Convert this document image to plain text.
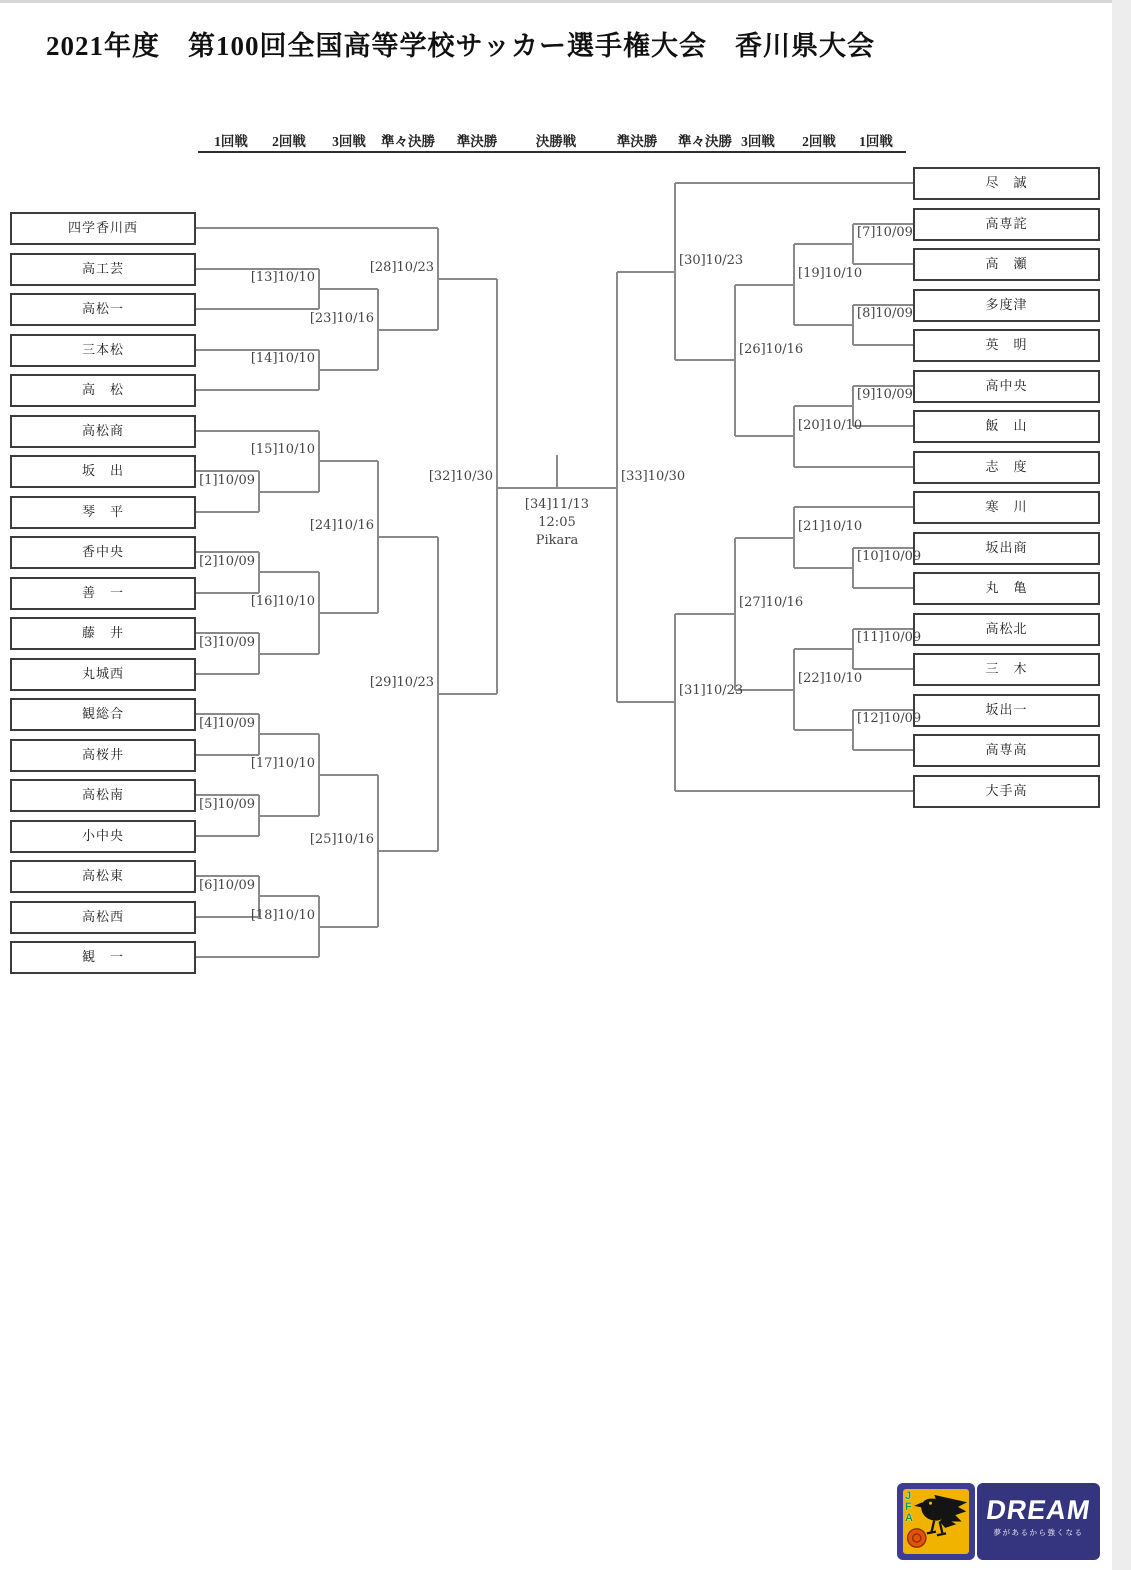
2021年度　第100回全国高等学校サッカー選手権大会　香川県大会
1回戦	2回戦	3回戦	準々決勝	準決勝	決勝戦	準決勝	準々決勝 3回戦	2回戦	1回戦
四学香川西
高工芸
高松一
三本松
高　松
高松商
坂　出
琴　平
香中央
善　一
藤　井
丸城西
観総合
高桜井
高松南
小中央
高松東
高松西
観　一
尽　誠
高専詫
高　瀬
多度津
英　明
高中央
飯　山
志　度
寒　川
坂出商
丸　亀
高松北
三　木
坂出一
高専高
大手高
[1]10/09
[2]10/09
[3]10/09
[4]10/09
[5]10/09
[6]10/09
[13]10/10
[14]10/10
[15]10/10
[16]10/10
[17]10/10
[18]10/10
[23]10/16
[24]10/16
[25]10/16
[28]10/23
[29]10/23
[32]10/30
[7]10/09
[8]10/09
[9]10/09
[10]10/09
[11]10/09
[12]10/09
[19]10/10
[20]10/10
[21]10/10
[22]10/10
[26]10/16
[27]10/16
[30]10/23
[31]10/23
[33]10/30
[34]11/13
12:05
Pikara
J
F
A	DREAM
夢があるから強くなる
